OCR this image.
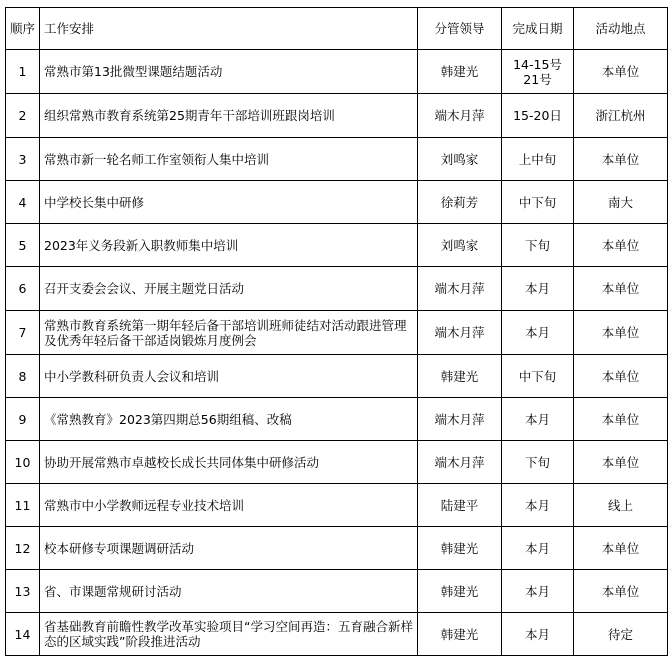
顺序	工作安排	分管领导	完成日期	活动地点
1	常熟市第13批微型课题结题活动	韩建光	14-15号 21号	本单位
2	组织常熟市教育系统第25期青年干部培训班跟岗培训	端木月萍	15-20日	浙江杭州
3	常熟市新一轮名师工作室领衔人集中培训	刘鸣家	上中旬	本单位
4	中学校长集中研修	徐莉芳	中下旬	南大
5	2023年义务段新入职教师集中培训	刘鸣家	下旬	本单位
6	召开支委会会议、开展主题党日活动	端木月萍	本月	本单位
7	常熟市教育系统第一期年轻后备干部培训班师徒结对活动跟进管理及优秀年轻后备干部适岗锻炼月度例会	端木月萍	本月	本单位
8	中小学教科研负责人会议和培训	韩建光	中下旬	本单位
9	《常熟教育》2023第四期总56期组稿、改稿	端木月萍	本月	本单位
10	协助开展常熟市卓越校长成长共同体集中研修活动	端木月萍	下旬	本单位
11	常熟市中小学教师远程专业技术培训	陆建平	本月	线上
12	校本研修专项课题调研活动	韩建光	本月	本单位
13	省、市课题常规研讨活动	韩建光	本月	本单位
14	省基础教育前瞻性教学改革实验项目“学习空间再造：五育融合新样态的区域实践”阶段推进活动	韩建光	本月	待定
